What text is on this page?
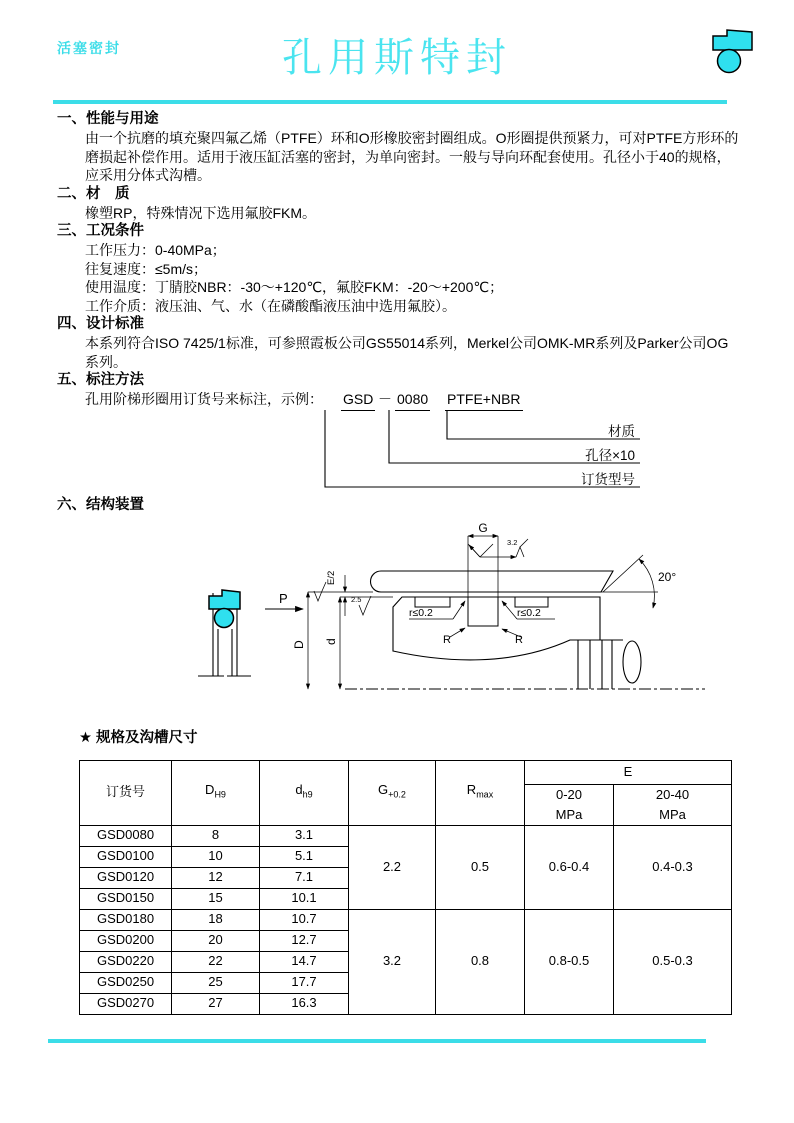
活塞密封	孔用斯特封
一、性能与用途
由一个抗磨的填充聚四氟乙烯（PTFE）环和O形橡胶密封圈组成。O形圈提供预紧力，可对PTFE方形环的磨损起补偿作用。适用于液压缸活塞的密封，为单向密封。一般与导向环配套使用。孔径小于40的规格，应采用分体式沟槽。
二、材　质
橡塑RP，特殊情况下选用氟胶FKM。
三、工况条件
工作压力：0-40MPa；
往复速度：≤5m/s；
使用温度：丁腈胶NBR：-30～+120℃，氟胶FKM：-20～+200℃；
工作介质：液压油、气、水（在磷酸酯液压油中选用氟胶）。
四、设计标准
本系列符合ISO 7425/1标准，可参照霞板公司GS55014系列，Merkel公司OMK-MR系列及Parker公司OG系列。
五、标注方法
孔用阶梯形圈用订货号来标注，示例： GSD － 0080 PTFE+NBR
材质
孔径×10
订货型号
六、结构装置
P
G
3.2
20°
E/2
2.5
D d
r≤0.2	r≤0.2
R	R
★ 规格及沟槽尺寸
订货号	$D_{H9}$	$d_{h9}$	$G_{+0.2}$	$R_{max}$	E	

0-20
MPa

20-40
MPa

GSD0080	8	3.1	2.2	0.5	0.6-0.4	0.4-0.3
GSD0100	10	5.1				
GSD0120	12	7.1				
GSD0150	15	10.1				
GSD0180	18	10.7	3.2	0.8	0.8-0.5	0.5-0.3
GSD0200	20	12.7				
GSD0220	22	14.7				
GSD0250	25	17.7				
GSD0270	27	16.3				
